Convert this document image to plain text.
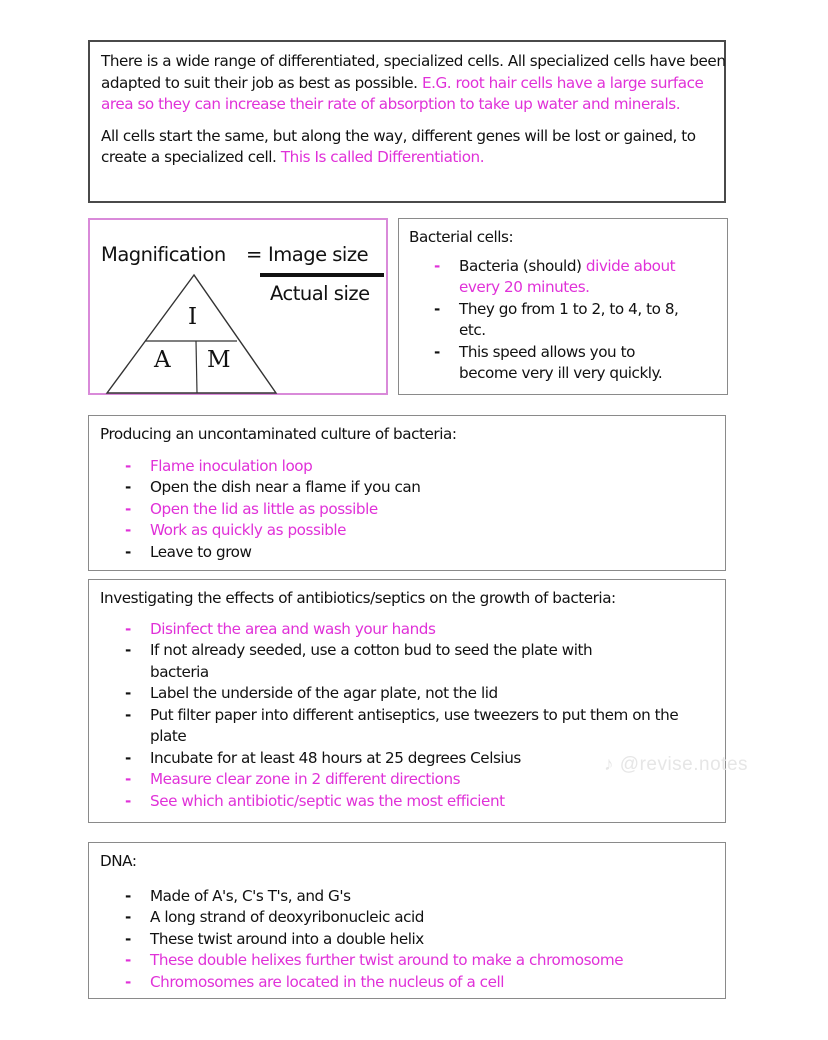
There is a wide range of differentiated, specialized cells. All specialized cells have been adapted to suit their job as best as possible. E.G. root hair cells have a large surface area so they can increase their rate of absorption to take up water and minerals.

All cells start the same, but along the way, different genes will be lost or gained, to create a specialized cell. This Is called Differentiation.

Magnification = Image size
Actual size
I
A M

Bacterial cells:

- Bacteria (should) divide about every 20 minutes.
- They go from 1 to 2, to 4, to 8, etc.
- This speed allows you to become very ill very quickly.

Producing an uncontaminated culture of bacteria:

- Flame inoculation loop
- Open the dish near a flame if you can
- Open the lid as little as possible
- Work as quickly as possible
- Leave to grow

Investigating the effects of antibiotics/septics on the growth of bacteria:

- Disinfect the area and wash your hands
- If not already seeded, use a cotton bud to seed the plate with bacteria
- Label the underside of the agar plate, not the lid
- Put filter paper into different antiseptics, use tweezers to put them on the plate
- Incubate for at least 48 hours at 25 degrees Celsius
- Measure clear zone in 2 different directions
- See which antibiotic/septic was the most efficient
♪ @revise.notes

DNA:

- Made of A's, C's T's, and G's
- A long strand of deoxyribonucleic acid
- These twist around into a double helix
- These double helixes further twist around to make a chromosome
- Chromosomes are located in the nucleus of a cell
